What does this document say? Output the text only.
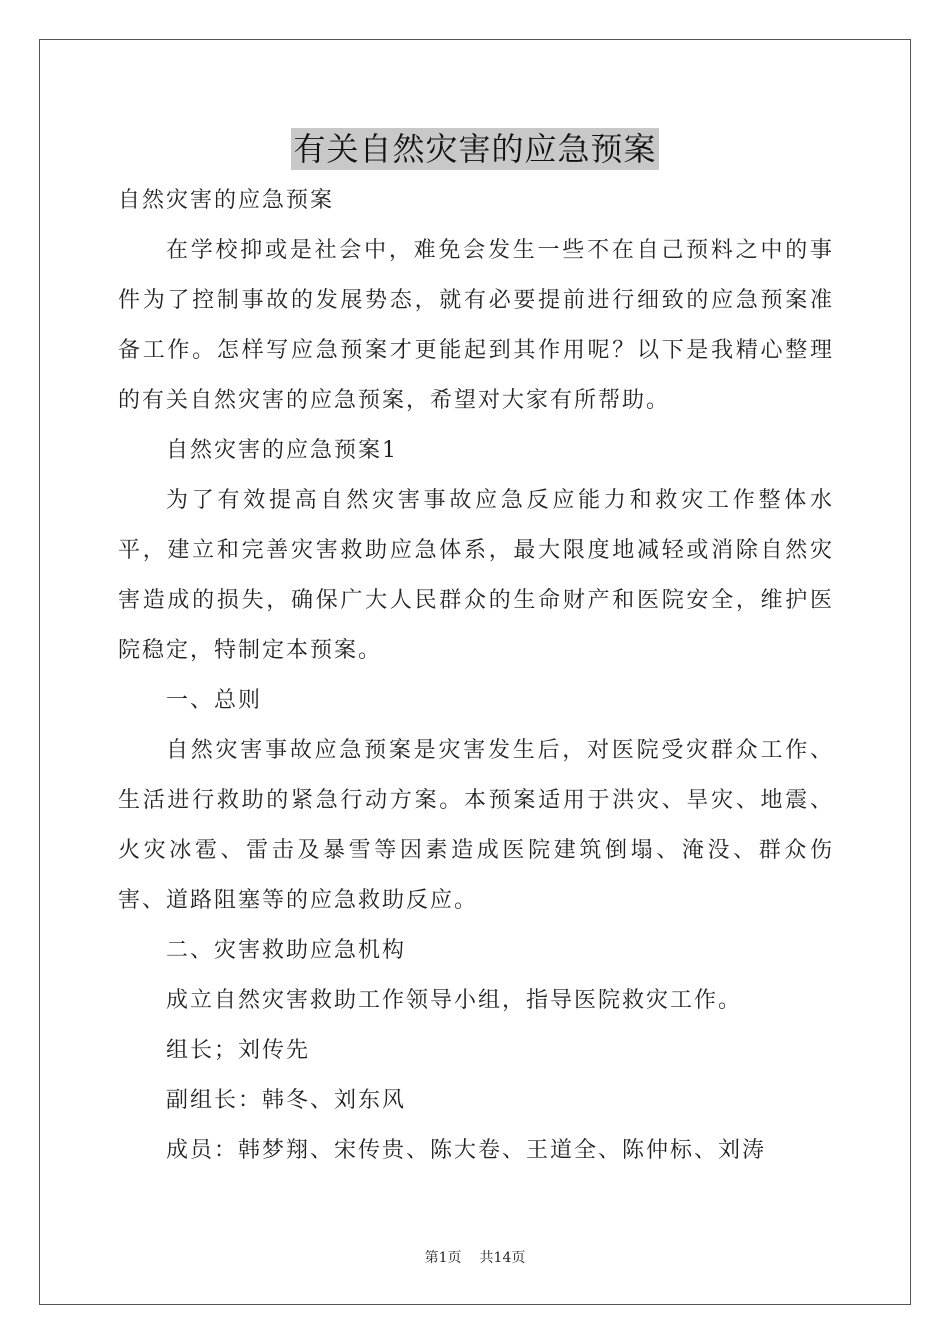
有关自然灾害的应急预案

自然灾害的应急预案

在学校抑或是社会中，难免会发生一些不在自己预料之中的事件为了控制事故的发展势态，就有必要提前进行细致的应急预案准备工作。怎样写应急预案才更能起到其作用呢？以下是我精心整理的有关自然灾害的应急预案，希望对大家有所帮助。

自然灾害的应急预案1

为了有效提高自然灾害事故应急反应能力和救灾工作整体水平，建立和完善灾害救助应急体系，最大限度地减轻或消除自然灾害造成的损失，确保广大人民群众的生命财产和医院安全，维护医院稳定，特制定本预案。

一、总则

自然灾害事故应急预案是灾害发生后，对医院受灾群众工作、生活进行救助的紧急行动方案。本预案适用于洪灾、旱灾、地震、火灾冰雹、雷击及暴雪等因素造成医院建筑倒塌、淹没、群众伤害、道路阻塞等的应急救助反应。

二、灾害救助应急机构

成立自然灾害救助工作领导小组，指导医院救灾工作。

组长；刘传先

副组长：韩冬、刘东风

成员：韩梦翔、宋传贵、陈大卷、王道全、陈仲标、刘涛

第1页 共14页
